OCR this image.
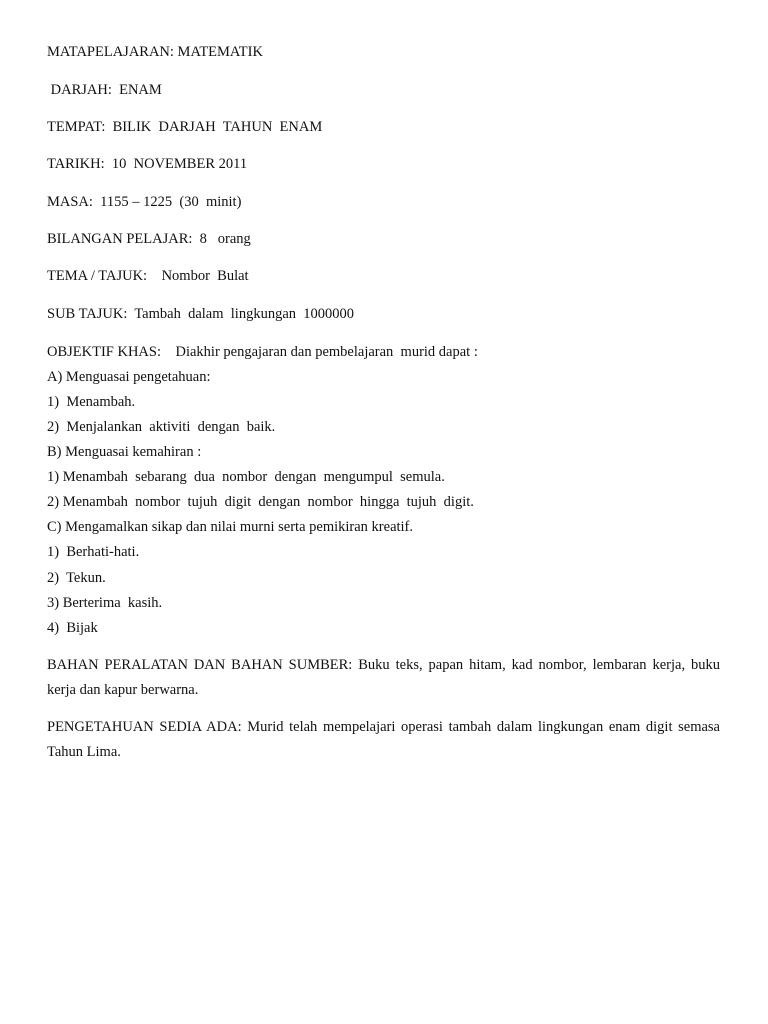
MATAPELAJARAN: MATEMATIK
DARJAH:  ENAM
TEMPAT:  BILIK  DARJAH  TAHUN  ENAM
TARIKH:  10  NOVEMBER 2011
MASA:  1155 – 1225  (30  minit)
BILANGAN PELAJAR:  8   orang
TEMA / TAJUK:    Nombor  Bulat
SUB TAJUK:  Tambah  dalam  lingkungan  1000000
OBJEKTIF KHAS:    Diakhir pengajaran dan pembelajaran  murid dapat :
A) Menguasai pengetahuan:
1)  Menambah.
2)  Menjalankan  aktiviti  dengan  baik.
B) Menguasai kemahiran :
1) Menambah  sebarang  dua  nombor  dengan  mengumpul  semula.
2) Menambah  nombor  tujuh  digit  dengan  nombor  hingga  tujuh  digit.
C) Mengamalkan sikap dan nilai murni serta pemikiran kreatif.
1)  Berhati-hati.
2)  Tekun.
3) Berterima  kasih.
4)  Bijak
BAHAN PERALATAN DAN BAHAN SUMBER: Buku teks, papan hitam, kad nombor, lembaran kerja, buku kerja dan kapur berwarna.
PENGETAHUAN SEDIA ADA: Murid telah mempelajari operasi tambah dalam lingkungan enam digit semasa Tahun Lima.
